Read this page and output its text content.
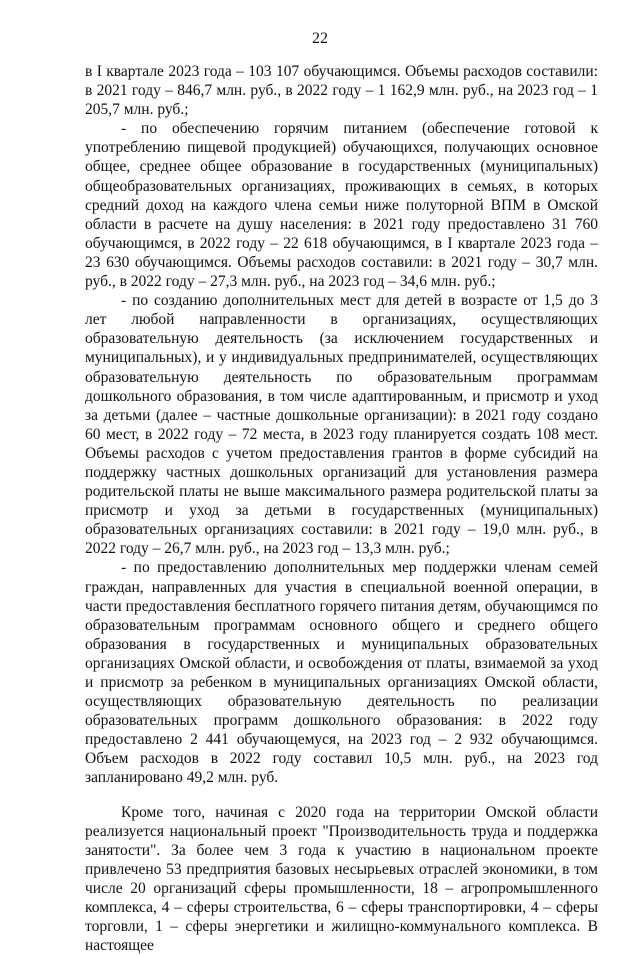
22

в I квартале 2023 года – 103 107 обучающимся. Объемы расходов составили: в 2021 году – 846,7 млн. руб., в 2022 году – 1 162,9 млн. руб., на 2023 год – 1 205,7 млн. руб.;

- по обеспечению горячим питанием (обеспечение готовой к употреблению пищевой продукцией) обучающихся, получающих основное общее, среднее общее образование в государственных (муниципальных) общеобразовательных организациях, проживающих в семьях, в которых средний доход на каждого члена семьи ниже полуторной ВПМ в Омской области в расчете на душу населения: в 2021 году предоставлено 31 760 обучающимся, в 2022 году – 22 618 обучающимся, в I квартале 2023 года – 23 630 обучающимся. Объемы расходов составили: в 2021 году – 30,7 млн. руб., в 2022 году – 27,3 млн. руб., на 2023 год – 34,6 млн. руб.;

- по созданию дополнительных мест для детей в возрасте от 1,5 до 3 лет любой направленности в организациях, осуществляющих образовательную деятельность (за исключением государственных и муниципальных), и у индивидуальных предпринимателей, осуществляющих образовательную деятельность по образовательным программам дошкольного образования, в том числе адаптированным, и присмотр и уход за детьми (далее – частные дошкольные организации): в 2021 году создано 60 мест, в 2022 году – 72 места, в 2023 году планируется создать 108 мест. Объемы расходов с учетом предоставления грантов в форме субсидий на поддержку частных дошкольных организаций для установления размера родительской платы не выше максимального размера родительской платы за присмотр и уход за детьми в государственных (муниципальных) образовательных организациях составили: в 2021 году – 19,0 млн. руб., в 2022 году – 26,7 млн. руб., на 2023 год – 13,3 млн. руб.;

- по предоставлению дополнительных мер поддержки членам семей граждан, направленных для участия в специальной военной операции, в части предоставления бесплатного горячего питания детям, обучающимся по образовательным программам основного общего и среднего общего образования в государственных и муниципальных образовательных организациях Омской области, и освобождения от платы, взимаемой за уход и присмотр за ребенком в муниципальных организациях Омской области, осуществляющих образовательную деятельность по реализации образовательных программ дошкольного образования: в 2022 году предоставлено 2 441 обучающемуся, на 2023 год – 2 932 обучающимся. Объем расходов в 2022 году составил 10,5 млн. руб., на 2023 год запланировано 49,2 млн. руб.

Кроме того, начиная с 2020 года на территории Омской области реализуется национальный проект "Производительность труда и поддержка занятости". За более чем 3 года к участию в национальном проекте привлечено 53 предприятия базовых несырьевых отраслей экономики, в том числе 20 организаций сферы промышленности, 18 – агропромышленного комплекса, 4 – сферы строительства, 6 – сферы транспортировки, 4 – сферы торговли, 1 – сферы энергетики и жилищно-коммунального комплекса. В настоящее
